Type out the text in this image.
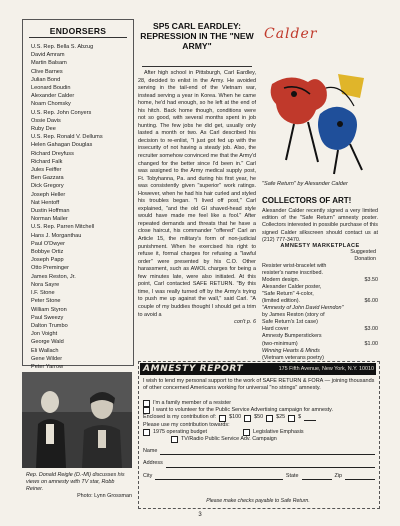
ENDORSERS
U.S. Rep. Bella S. Abzug
David Amram
Martin Balsam
Clive Barnes
Julian Bond
Leonard Boudin
Alexander Calder
Noam Chomsky
U.S. Rep. John Conyers
Ossie Davis
Ruby Dee
U.S. Rep. Ronald V. Dellums
Helen Gahagan Douglas
Richard Dreyfuss
Richard Falk
Jules Feiffer
Ben Gazzara
Dick Gregory
Joseph Heller
Nat Hentoff
Dustin Hoffman
Norman Mailer
U.S. Rep. Parren Mitchell
Hans J. Morganthau
Paul O'Dwyer
Bobbye Ortiz
Joseph Papp
Otto Preminger
James Reston, Jr.
Nora Sayre
I.F. Stone
Peter Stone
William Styron
Paul Sweezy
Dalton Trumbo
Jon Voight
George Wald
Eli Wallach
Gene Wilder
Peter Yarrow
Rep. Donald Reigle (D.-MI) discusses his views on amnesty with TV star, Robb Reiner.

Photo: Lynn Grossman
SP5 CARL EARDLEY: REPRESSION IN THE "NEW ARMY"

After high school in Pittsburgh, Carl Eardley, 28, decided to enlist in the Army. He avoided serving in the tail-end of the Vietnam war, instead serving a year in Korea. When he came home, he'd had enough, so he left at the end of his hitch. Back home though, conditions were not so good, with several months spent in job hunting. The few jobs he did get, usually only lasted a month or two. As Carl described his decision to re-enlist, "I just got fed up with the insecurity of not having a steady job. Also, the recruiter somehow convinced me that the Army'd changed for the better since I'd been in." Carl was assigned to the Army medical supply post, Ft. Tobyhanna, Pa. and during his first year, he was consistently given "superior" work ratings. However, when he had his hair curled and styled his troubles began. "I lived off post," Carl explained, "and the old GI shaved-head style would have made me feel like a fool." After repeated demands and threats that he have a close haircut, his commander "offered" Carl an Article 15, the military's form of non-judicial punishment. When he exercised his right to refuse it, formal charges for refusing a "lawful order" were presented by his C.O. Other harassment, such as AWOL charges for being a few minutes late, were also initiated. At this point, Carl contacted SAFE RETURN. "By this time, I was really turned off by the Army's trying to push me up against the wall," said Carl. "A couple of my buddies thought I should get a trim to avoid a
con't p. 6

Calder
"Safe Return" by Alexander Calder
COLLECTORS OF ART!

Alexander Calder recently signed a very limited edition of the "Safe Return" amnesty poster. Collectors interested in possible purchase of this signed Calder silkscreen should contact us at (212) 777-3470.

AMNESTY MARKETPLACE
Suggested
Donation
Resister wrist-bracelet with
resister's name inscribed.
Modern design.	$3.50
Alexander Calder poster,
"Safe Return" 4-color,
(limited edition).	$6.00
"Amnesty of John David Herndon"
by James Reston (story of
Safe Return's 1st case)
Hard cover	$3.00
Amnesty Bumperstickers
(two-minimum)	$1.00
Winning Hearts & Minds
(Vietnam veterans poetry)
AMNESTY REPORT	175 Fifth Avenue, New York, N.Y. 10010

I wish to lend my personal support to the work of SAFE RETURN & FORA — joining thousands of other concerned Americans working for universal "no strings" amnesty.

I'm a family member of a resister
I want to volunteer for the Public Service Advertising campaign for amnesty.
Enclosed is my contribution of: $100 $50 $25 $
Please use my contribution towards:
1975 operating budget	Legislative Emphasis
TV/Radio Public Service Adv. Campaign
Name
Address
City	State	Zip
Please make checks payable to Safe Return.
3
